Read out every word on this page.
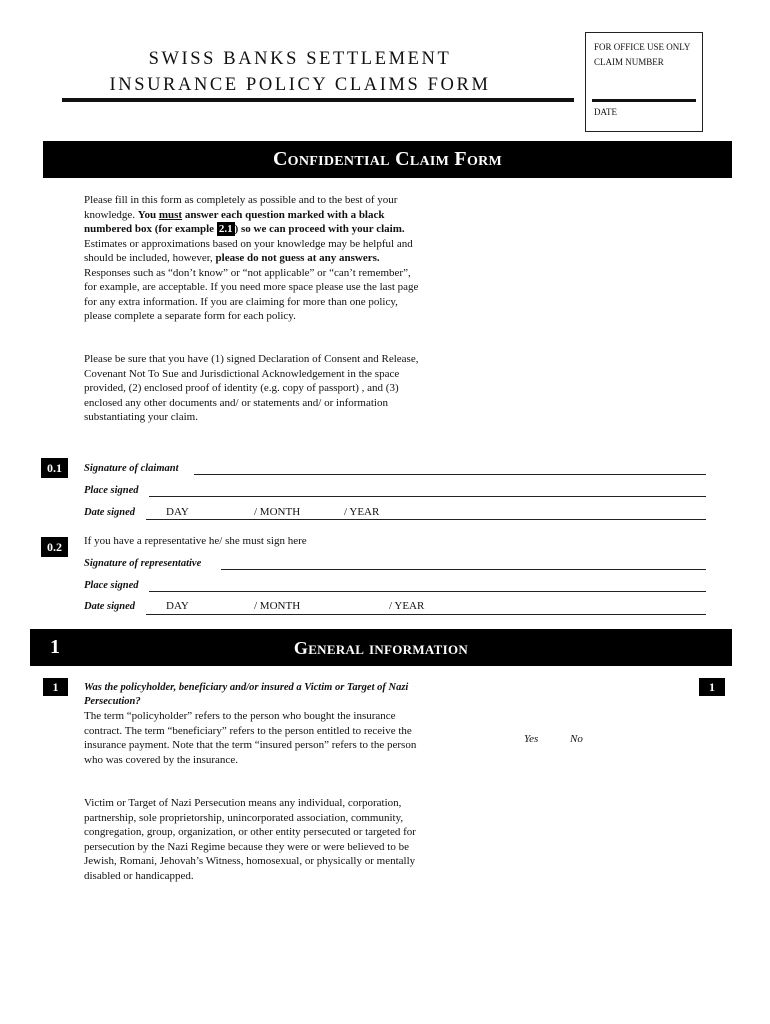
SWISS BANKS SETTLEMENT
INSURANCE POLICY CLAIMS FORM
FOR OFFICE USE ONLY
CLAIM NUMBER
DATE
Confidential Claim Form

Please fill in this form as completely as possible and to the best of your knowledge. You must answer each question marked with a black numbered box (for example 2.1 ) so we can proceed with your claim. Estimates or approximations based on your knowledge may be helpful and should be included, however, please do not guess at any answers. Responses such as “don’t know” or “not applicable” or “can’t remember”, for example, are acceptable. If you need more space please use the last page for any extra information. If you are claiming for more than one policy, please complete a separate form for each policy.

Please be sure that you have (1) signed Declaration of Consent and Release, Covenant Not To Sue and Jurisdictional Acknowledgement in the space provided, (2) enclosed proof of identity (e.g. copy of passport) , and (3) enclosed any other documents and/ or statements and/ or information substantiating your claim.

0.1	Signature of claimant
Place signed
Date signed	DAY	/ MONTH	/ YEAR
0.2	If you have a representative he/ she must sign here
Signature of representative
Place signed
Date signed	DAY	/ MONTH	/ YEAR
1	General information
1	1
Was the policyholder, beneficiary and/or insured a Victim or Target of Nazi Persecution?
The term “policyholder” refers to the person who bought the insurance contract. The term “beneficiary” refers to the person entitled to receive the insurance payment. Note that the term “insured person” refers to the person who was covered by the insurance.
Victim or Target of Nazi Persecution means any individual, corporation, partnership, sole proprietorship, unincorporated association, community, congregation, group, organization, or other entity persecuted or targeted for persecution by the Nazi Regime because they were or were believed to be Jewish, Romani, Jehovah’s Witness, homosexual, or physically or mentally disabled or handicapped.
Yes	No
